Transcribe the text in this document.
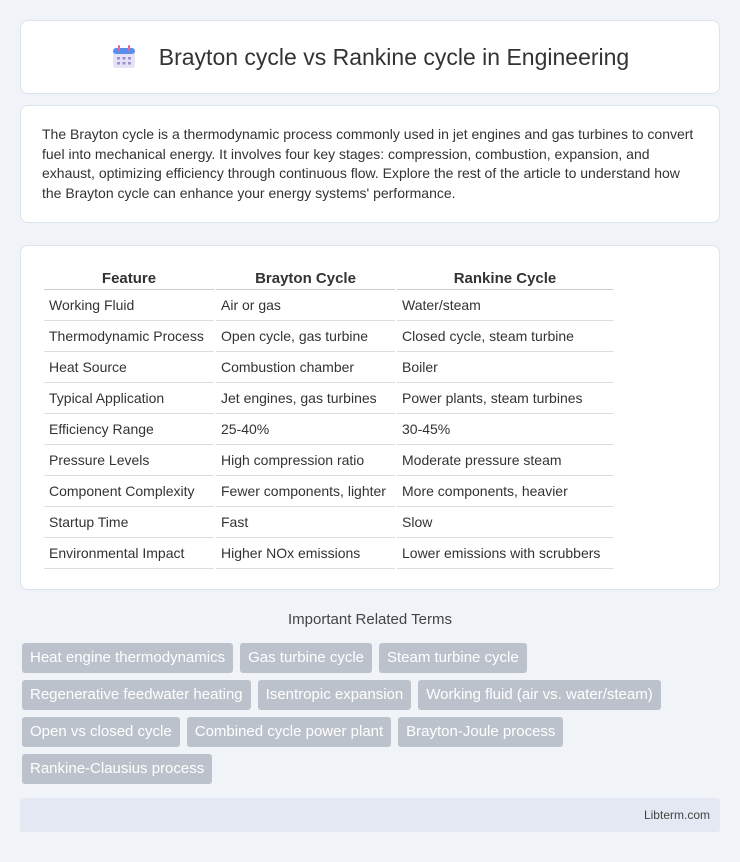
Brayton cycle vs Rankine cycle in Engineering

The Brayton cycle is a thermodynamic process commonly used in jet engines and gas turbines to convert fuel into mechanical energy. It involves four key stages: compression, combustion, expansion, and exhaust, optimizing efficiency through continuous flow. Explore the rest of the article to understand how the Brayton cycle can enhance your energy systems' performance.

Feature	Brayton Cycle	Rankine Cycle
Working Fluid	Air or gas	Water/steam
Thermodynamic Process	Open cycle, gas turbine	Closed cycle, steam turbine
Heat Source	Combustion chamber	Boiler
Typical Application	Jet engines, gas turbines	Power plants, steam turbines
Efficiency Range	25-40%	30-45%
Pressure Levels	High compression ratio	Moderate pressure steam
Component Complexity	Fewer components, lighter	More components, heavier
Startup Time	Fast	Slow
Environmental Impact	Higher NOx emissions	Lower emissions with scrubbers
Important Related Terms
Heat engine thermodynamics	Gas turbine cycle	Steam turbine cycle
Regenerative feedwater heating	Isentropic expansion	Working fluid (air vs. water/steam)
Open vs closed cycle	Combined cycle power plant	Brayton-Joule process
Rankine-Clausius process
Libterm.com
